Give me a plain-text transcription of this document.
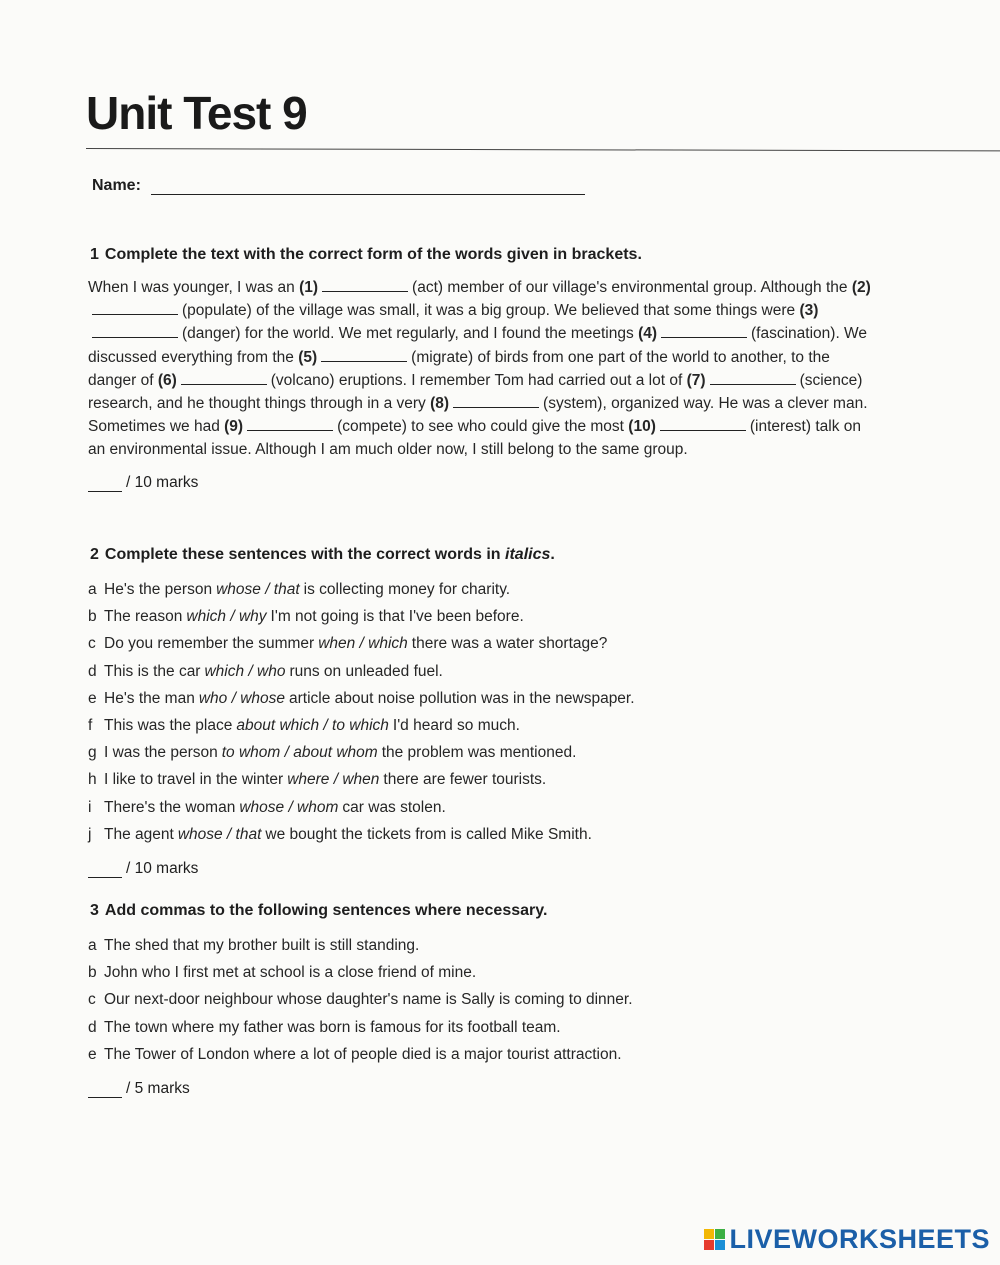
Unit Test 9
Name:
1 Complete the text with the correct form of the words given in brackets.

When I was younger, I was an (1)	(act) member of our village's environmental group. Although the (2)(populate) of the village was small, it was a big group. We believed that some things were (3)(danger) for the world. We met regularly, and I found the meetings (4)	(fascination). We discussed everything from the (5)	(migrate) of birds from one part of the world to another, to the danger of (6)	(volcano) eruptions. I remember Tom had carried out a lot of (7)	(science) research, and he thought things through in a very (8)	(system), organized way. He was a clever man. Sometimes we had (9)	(compete) to see who could give the most (10)	(interest) talk on an environmental issue. Although I am much older now, I still belong to the same group.

/ 10 marks
2 Complete these sentences with the correct words in italics.
a He's the person whose / that is collecting money for charity.
b The reason which / why I'm not going is that I've been before.
c Do you remember the summer when / which there was a water shortage?
d This is the car which / who runs on unleaded fuel.
e He's the man who / whose article about noise pollution was in the newspaper.
f This was the place about which / to which I'd heard so much.
g I was the person to whom / about whom the problem was mentioned.
h I like to travel in the winter where / when there are fewer tourists.
i There's the woman whose / whom car was stolen.
j The agent whose / that we bought the tickets from is called Mike Smith.
/ 10 marks
3 Add commas to the following sentences where necessary.
a The shed that my brother built is still standing.
b John who I first met at school is a close friend of mine.
c Our next-door neighbour whose daughter's name is Sally is coming to dinner.
d The town where my father was born is famous for its football team.
e The Tower of London where a lot of people died is a major tourist attraction.
/ 5 marks
LIVEWORKSHEETS
